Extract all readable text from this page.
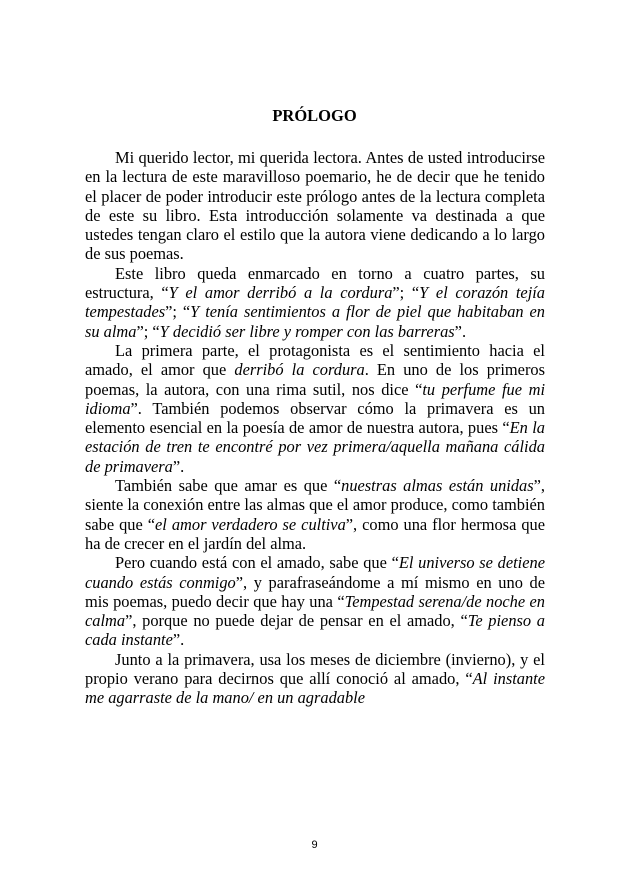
PRÓLOGO

Mi querido lector, mi querida lectora. Antes de usted introducirse en la lectura de este maravilloso poemario, he de decir que he tenido el placer de poder introducir este prólogo antes de la lectura completa de este su libro. Esta introducción solamente va destinada a que ustedes tengan claro el estilo que la autora viene dedicando a lo largo de sus poemas.

Este libro queda enmarcado en torno a cuatro partes, su estructura, “Y el amor derribó a la cordura”; “Y el corazón tejía tempestades”; “Y tenía sentimientos a flor de piel que habitaban en su alma”; “Y decidió ser libre y romper con las barreras”.

La primera parte, el protagonista es el sentimiento hacia el amado, el amor que derribó la cordura. En uno de los primeros poemas, la autora, con una rima sutil, nos dice “tu perfume fue mi idioma”. También podemos observar cómo la primavera es un elemento esencial en la poesía de amor de nuestra autora, pues “En la estación de tren te encontré por vez primera/aquella mañana cálida de primavera”.

También sabe que amar es que “nuestras almas están unidas”, siente la conexión entre las almas que el amor produce, como también sabe que “el amor verdadero se cultiva”, como una flor hermosa que ha de crecer en el jardín del alma.

Pero cuando está con el amado, sabe que “El universo se detiene cuando estás conmigo”, y parafraseándome a mí mismo en uno de mis poemas, puedo decir que hay una “Tempestad serena/de noche en calma”, porque no puede dejar de pensar en el amado, “Te pienso a cada instante”.

Junto a la primavera, usa los meses de diciembre (invierno), y el propio verano para decirnos que allí conoció al amado, “Al instante me agarraste de la mano/ en un agradable

9
